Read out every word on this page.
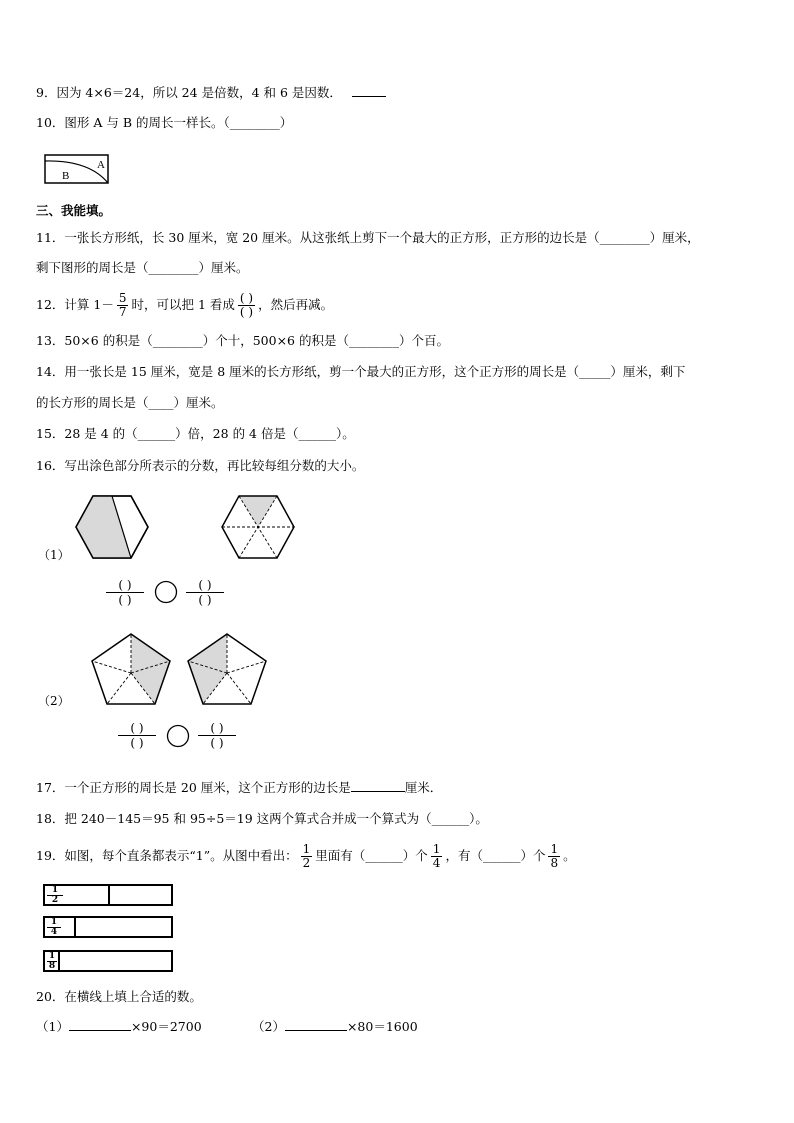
9．因为 4×6＝24，所以 24 是倍数，4 和 6 是因数．
10．图形 A 与 B 的周长一样长。（________）
A
B
三、我能填。
11．一张长方形纸，长 30 厘米，宽 20 厘米。从这张纸上剪下一个最大的正方形，正方形的边长是（________）厘米，
剩下图形的周长是（________）厘米。
12．计算 $1- \frac{5}{7}$ 时，可以把 1 看成 $\frac{( )}{( )}$ ，然后再减。
13．50×6 的积是（________）个十，500×6 的积是（________）个百。
14．用一张长是 15 厘米，宽是 8 厘米的长方形纸，剪一个最大的正方形，这个正方形的周长是（_____）厘米，剩下
的长方形的周长是（____）厘米。
15．28 是 4 的（______）倍，28 的 4 倍是（______）。
16．写出涂色部分所表示的分数，再比较每组分数的大小。
（1）
( )
( )
( )
( )
（2）
( )
( )
( )
( )
17．一个正方形的周长是 20 厘米，这个正方形的边长是	厘米．
18．把 240－145＝95 和 95÷5＝19 这两个算式合并成一个算式为（______）。
19．如图，每个直条都表示“1”。从图中看出： $\frac{1}{2}$ 里面有（______）个 $\frac{1}{4}$ ，有（______）个 $\frac{1}{8}$ 。
1
2
1
4
1
8
20．在横线上填上合适的数。
（1）	×90＝2700	（2）	×80＝1600
